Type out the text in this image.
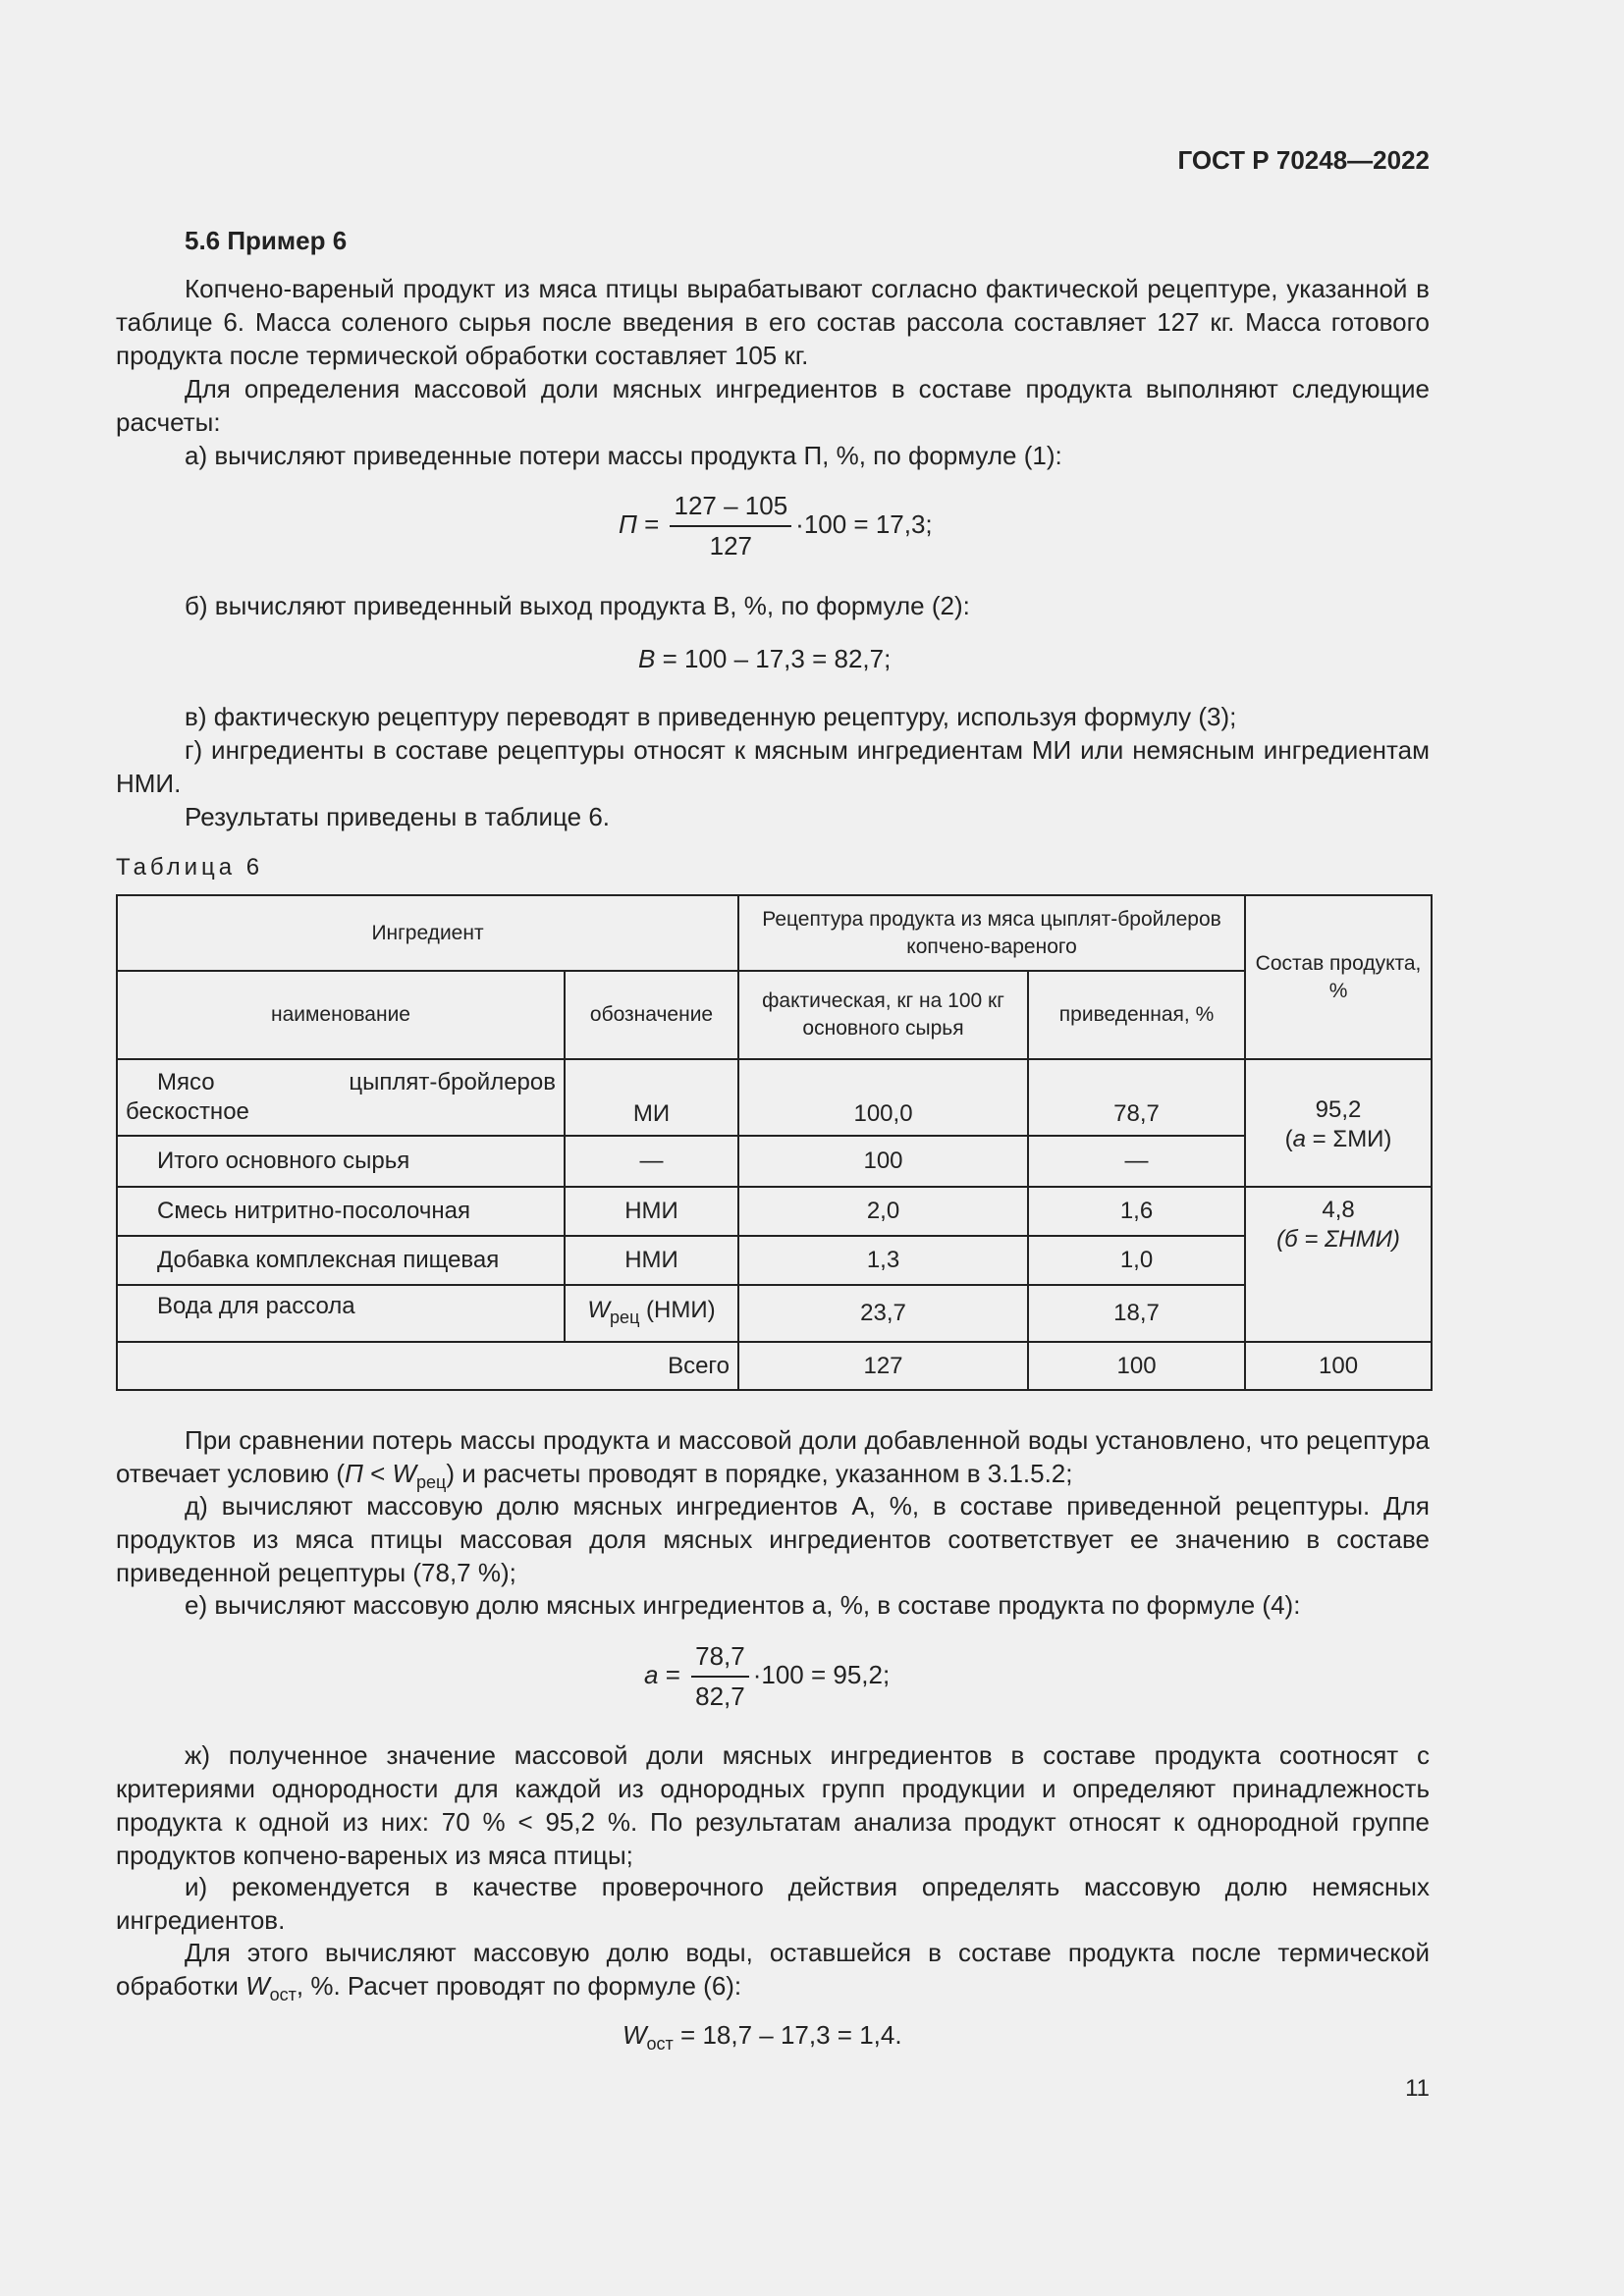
ГОСТ Р 70248—2022
5.6 Пример 6

Копчено-вареный продукт из мяса птицы вырабатывают согласно фактической рецептуре, указанной в таблице 6. Масса соленого сырья после введения в его состав рассола составляет 127 кг. Масса готового продукта после термической обработки составляет 105 кг.

Для определения массовой доли мясных ингредиентов в составе продукта выполняют следующие расчеты:

а) вычисляют приведенные потери массы продукта П, %, по формуле (1):

$П = \frac{127 - 105}{127} \cdot 100 = 17,3$;

б) вычисляют приведенный выход продукта В, %, по формуле (2):

В = 100 – 17,3 = 82,7;

в) фактическую рецептуру переводят в приведенную рецептуру, используя формулу (3);

г) ингредиенты в составе рецептуры относят к мясным ингредиентам МИ или немясным ингредиентам НМИ.

Результаты приведены в таблице 6.

Таблица 6
Ингредиент		Рецептура продукта из мяса цыплят-бройлеров копчено-вареного		Состав продукта, %
наименование	обозначение	фактическая, кг на 100 кг основного сырья	приведенная, %	
Мясо цыплят-бройлеров бескостное	МИ	100,0	78,7	95,2
(а = ΣМИ)
Итого основного сырья	—	100	—	
Смесь нитритно-посолочная	НМИ	2,0	1,6	4,8
(б = ΣНМИ)
Добавка комплексная пищевая	НМИ	1,3	1,0	
Вода для рассола	$W_{рец}$ (НМИ)	23,7	18,7	
Всего		127	100	100

При сравнении потерь массы продукта и массовой доли добавленной воды установлено, что рецептура отвечает условию $(П < W_{рец})$ и расчеты проводят в порядке, указанном в 3.1.5.2;

д) вычисляют массовую долю мясных ингредиентов А, %, в составе приведенной рецептуры. Для продуктов из мяса птицы массовая доля мясных ингредиентов соответствует ее значению в составе приведенной рецептуры (78,7 %);

е) вычисляют массовую долю мясных ингредиентов а, %, в составе продукта по формуле (4):

$а = \frac{78,7}{82,7} \cdot 100 = 95,2$;

ж) полученное значение массовой доли мясных ингредиентов в составе продукта соотносят с критериями однородности для каждой из однородных групп продукции и определяют принадлежность продукта к одной из них: 70 % < 95,2 %. По результатам анализа продукт относят к однородной группе продуктов копчено-вареных из мяса птицы;

и) рекомендуется в качестве проверочного действия определять массовую долю немясных ингредиентов.

Для этого вычисляют массовую долю воды, оставшейся в составе продукта после термической обработки $W_{ост}$, %. Расчет проводят по формуле (6):

$W_{ост} = 18,7 - 17,3 = 1,4$.
11
